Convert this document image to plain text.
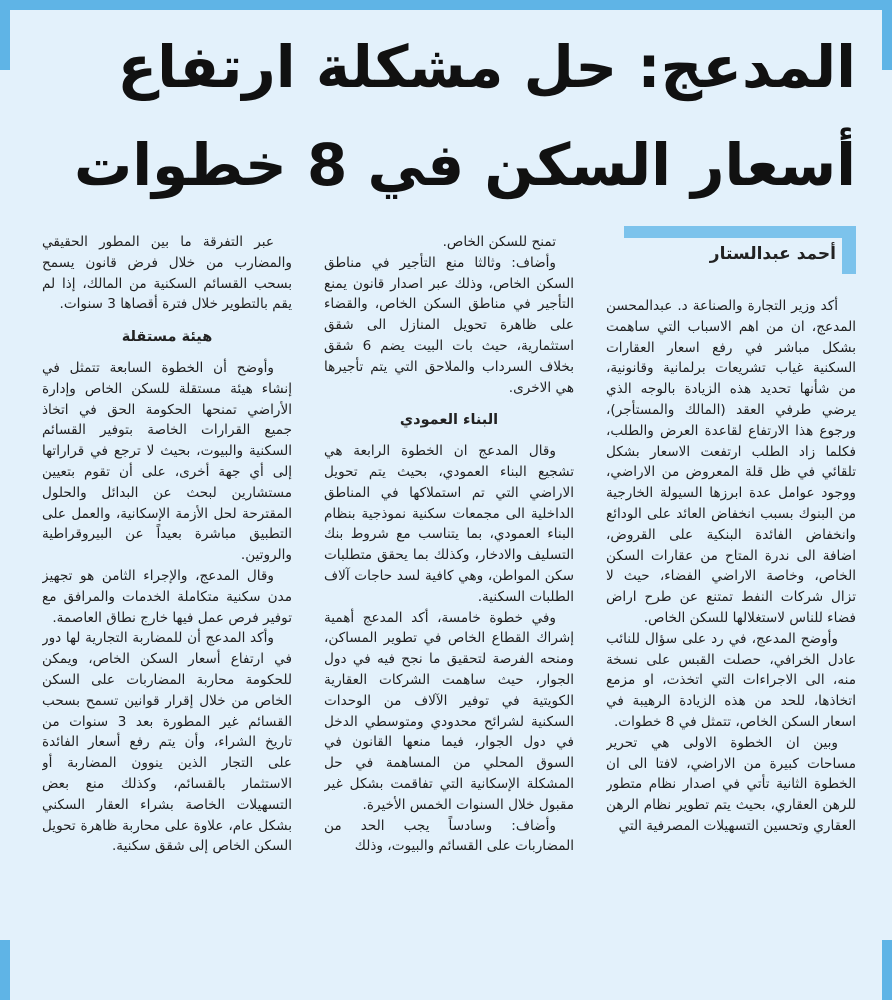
المدعج: حل مشكلة ارتفاع أسعار السكن في 8 خطوات
أحمد عبدالستار

أكد وزير التجارة والصناعة د. عبدالمحسن المدعج، ان من اهم الاسباب التي ساهمت بشكل مباشر في رفع اسعار العقارات السكنية غياب تشريعات برلمانية وقانونية، من شأنها تحديد هذه الزيادة بالوجه الذي يرضي طرفي العقد (المالك والمستأجر)، ورجوع هذا الارتفاع لقاعدة العرض والطلب، فكلما زاد الطلب ارتفعت الاسعار بشكل تلقائي في ظل قلة المعروض من الاراضي، ووجود عوامل عدة ابرزها السيولة الخارجية من البنوك بسبب انخفاض العائد على الودائع وانخفاض الفائدة البنكية على القروض، اضافة الى ندرة المتاح من عقارات السكن الخاص، وخاصة الاراضي الفضاء، حيث لا تزال شركات النفط تمتنع عن طرح اراض فضاء للناس لاستغلالها للسكن الخاص.

وأوضح المدعج، في رد على سؤال للنائب عادل الخرافي، حصلت القبس على نسخة منه، الى الاجراءات التي اتخذت، او مزمع اتخاذها، للحد من هذه الزيادة الرهيبة في اسعار السكن الخاص، تتمثل في 8 خطوات.

وبين ان الخطوة الاولى هي تحرير مساحات كبيرة من الاراضي، لافتا الى ان الخطوة الثانية تأتي في اصدار نظام متطور للرهن العقاري، بحيث يتم تطوير نظام الرهن العقاري وتحسين التسهيلات المصرفية التي

تمنح للسكن الخاص.

وأضاف: وثالثا منع التأجير في مناطق السكن الخاص، وذلك عبر اصدار قانون يمنع التأجير في مناطق السكن الخاص، والقضاء على ظاهرة تحويل المنازل الى شقق استثمارية، حيث بات البيت يضم 6 شقق بخلاف السرداب والملاحق التي يتم تأجيرها هي الاخرى.

البناء العمودي

وقال المدعج ان الخطوة الرابعة هي تشجيع البناء العمودي، بحيث يتم تحويل الاراضي التي تم استملاكها في المناطق الداخلية الى مجمعات سكنية نموذجية بنظام البناء العمودي، بما يتناسب مع شروط بنك التسليف والادخار، وكذلك بما يحقق متطلبات سكن المواطن، وهي كافية لسد حاجات آلاف الطلبات السكنية.

وفي خطوة خامسة، أكد المدعج أهمية إشراك القطاع الخاص في تطوير المساكن، ومنحه الفرصة لتحقيق ما نجح فيه في دول الجوار، حيث ساهمت الشركات العقارية الكويتية في توفير الآلاف من الوحدات السكنية لشرائح محدودي ومتوسطي الدخل في دول الجوار، فيما منعها القانون في السوق المحلي من المساهمة في حل المشكلة الإسكانية التي تفاقمت بشكل غير مقبول خلال السنوات الخمس الأخيرة.

وأضاف: وسادساً يجب الحد من المضاربات على القسائم والبيوت، وذلك

عبر التفرقة ما بين المطور الحقيقي والمضارب من خلال فرض قانون يسمح بسحب القسائم السكنية من المالك، إذا لم يقم بالتطوير خلال فترة أقصاها 3 سنوات.

هيئة مستقلة

وأوضح أن الخطوة السابعة تتمثل في إنشاء هيئة مستقلة للسكن الخاص وإدارة الأراضي تمنحها الحكومة الحق في اتخاذ جميع القرارات الخاصة بتوفير القسائم السكنية والبيوت، بحيث لا ترجع في قراراتها إلى أي جهة أخرى، على أن تقوم بتعيين مستشارين لبحث عن البدائل والحلول المقترحة لحل الأزمة الإسكانية، والعمل على التطبيق مباشرة بعيداً عن البيروقراطية والروتين.

وقال المدعج، والإجراء الثامن هو تجهيز مدن سكنية متكاملة الخدمات والمرافق مع توفير فرص عمل فيها خارج نطاق العاصمة.

وأكد المدعج أن للمضاربة التجارية لها دور في ارتفاع أسعار السكن الخاص، ويمكن للحكومة محاربة المضاربات على السكن الخاص من خلال إقرار قوانين تسمح بسحب القسائم غير المطورة بعد 3 سنوات من تاريخ الشراء، وأن يتم رفع أسعار الفائدة على التجار الذين ينوون المضاربة أو الاستثمار بالقسائم، وكذلك منع بعض التسهيلات الخاصة بشراء العقار السكني بشكل عام، علاوة على محاربة ظاهرة تحويل السكن الخاص إلى شقق سكنية.
